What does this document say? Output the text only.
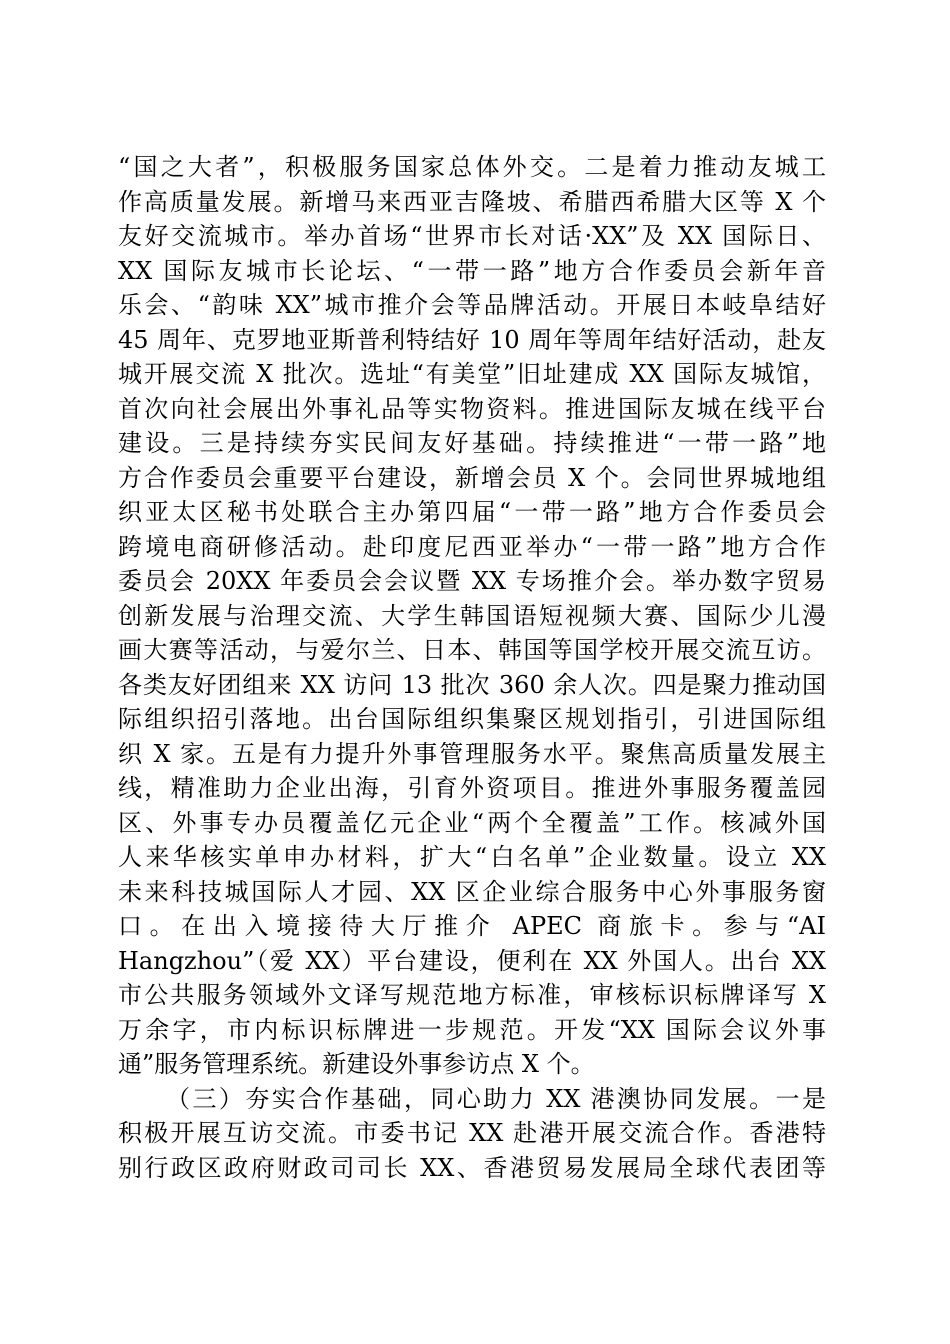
“国之大者”，积极服务国家总体外交。二是着力推动友城工
作高质量发展。新增马来西亚吉隆坡、希腊西希腊大区等 X 个
友好交流城市。举办首场“世界市长对话·XX”及 XX 国际日、
XX 国际友城市长论坛、“一带一路”地方合作委员会新年音
乐会、“韵味 XX”城市推介会等品牌活动。开展日本岐阜结好
45 周年、克罗地亚斯普利特结好 10 周年等周年结好活动，赴友
城开展交流 X 批次。选址“有美堂”旧址建成 XX 国际友城馆，
首次向社会展出外事礼品等实物资料。推进国际友城在线平台
建设。三是持续夯实民间友好基础。持续推进“一带一路”地
方合作委员会重要平台建设，新增会员 X 个。会同世界城地组
织亚太区秘书处联合主办第四届“一带一路”地方合作委员会
跨境电商研修活动。赴印度尼西亚举办“一带一路”地方合作
委员会 20XX 年委员会会议暨 XX 专场推介会。举办数字贸易
创新发展与治理交流、大学生韩国语短视频大赛、国际少儿漫
画大赛等活动，与爱尔兰、日本、韩国等国学校开展交流互访。
各类友好团组来 XX 访问 13 批次 360 余人次。四是聚力推动国
际组织招引落地。出台国际组织集聚区规划指引，引进国际组
织 X 家。五是有力提升外事管理服务水平。聚焦高质量发展主
线，精准助力企业出海，引育外资项目。推进外事服务覆盖园
区、外事专办员覆盖亿元企业“两个全覆盖”工作。核减外国
人来华核实单申办材料，扩大“白名单”企业数量。设立 XX
未来科技城国际人才园、XX 区企业综合服务中心外事服务窗
口。在出入境接待大厅推介 APEC 商旅卡。参与“AI
Hangzhou”（爱 XX）平台建设，便利在 XX 外国人。出台 XX
市公共服务领域外文译写规范地方标准，审核标识标牌译写 X
万余字，市内标识标牌进一步规范。开发“XX 国际会议外事
通”服务管理系统。新建设外事参访点 X 个。
（三）夯实合作基础，同心助力 XX 港澳协同发展。一是
积极开展互访交流。市委书记 XX 赴港开展交流合作。香港特
别行政区政府财政司司长 XX、香港贸易发展局全球代表团等
